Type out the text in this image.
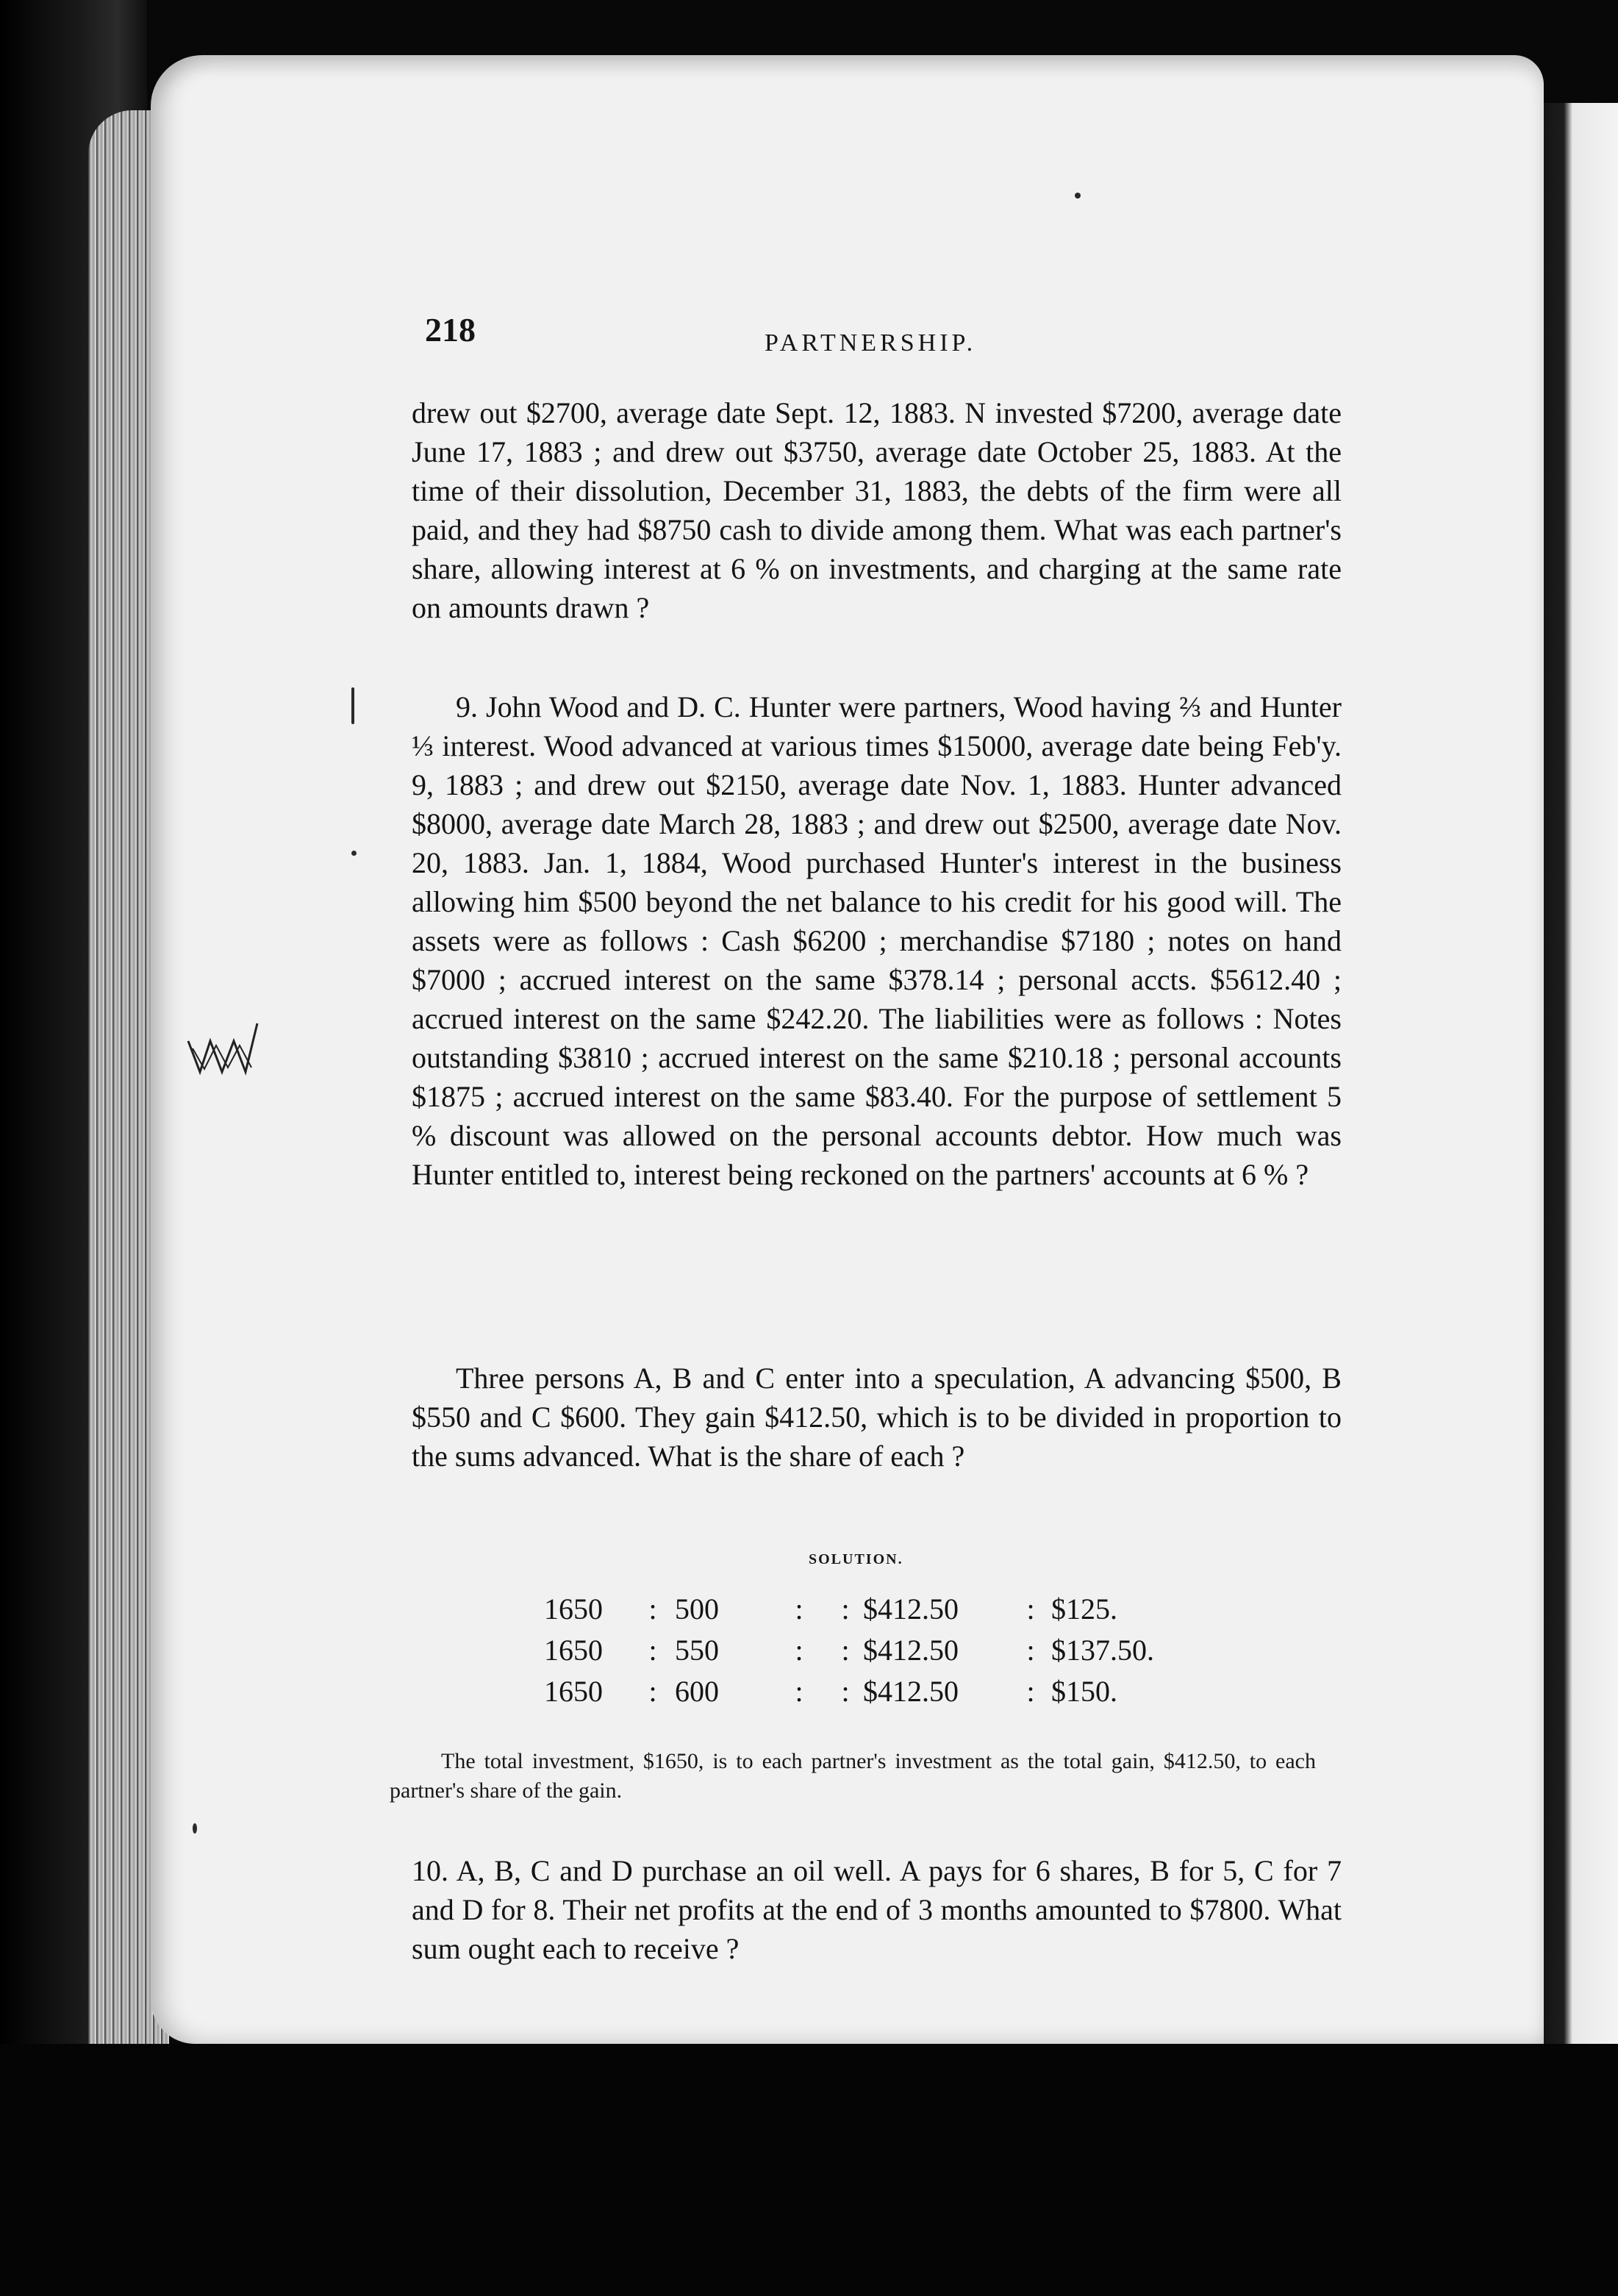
218	PARTNERSHIP.
drew out $2700, average date Sept. 12, 1883. N invested $7200, average date June 17, 1883 ; and drew out $3750, average date October 25, 1883. At the time of their dissolution, December 31, 1883, the debts of the firm were all paid, and they had $8750 cash to divide among them. What was each partner's share, allowing interest at 6 % on investments, and charging at the same rate on amounts drawn ?
9. John Wood and D. C. Hunter were partners, Wood having ⅔ and Hunter ⅓ interest. Wood advanced at various times $15000, average date being Feb'y. 9, 1883 ; and drew out $2150, average date Nov. 1, 1883. Hunter advanced $8000, average date March 28, 1883 ; and drew out $2500, average date Nov. 20, 1883. Jan. 1, 1884, Wood purchased Hunter's interest in the business allowing him $500 beyond the net balance to his credit for his good will. The assets were as follows : Cash $6200 ; merchandise $7180 ; notes on hand $7000 ; accrued interest on the same $378.14 ; personal accts. $5612.40 ; accrued interest on the same $242.20. The liabilities were as follows : Notes outstanding $3810 ; accrued interest on the same $210.18 ; personal accounts $1875 ; accrued interest on the same $83.40. For the purpose of settlement 5 % discount was allowed on the personal accounts debtor. How much was Hunter entitled to, interest being reckoned on the partners' accounts at 6 % ?
Three persons A, B and C enter into a speculation, A advancing $500, B $550 and C $600. They gain $412.50, which is to be divided in proportion to the sums advanced. What is the share of each ?
SOLUTION.
1650	:	500	:	:	$412.50	:	$125.
1650	:	550	:	:	$412.50	:	$137.50.
1650	:	600	:	:	$412.50	:	$150.
The total investment, $1650, is to each partner's investment as the total gain, $412.50, to each partner's share of the gain.
10. A, B, C and D purchase an oil well. A pays for 6 shares, B for 5, C for 7 and D for 8. Their net profits at the end of 3 months amounted to $7800. What sum ought each to receive ?
